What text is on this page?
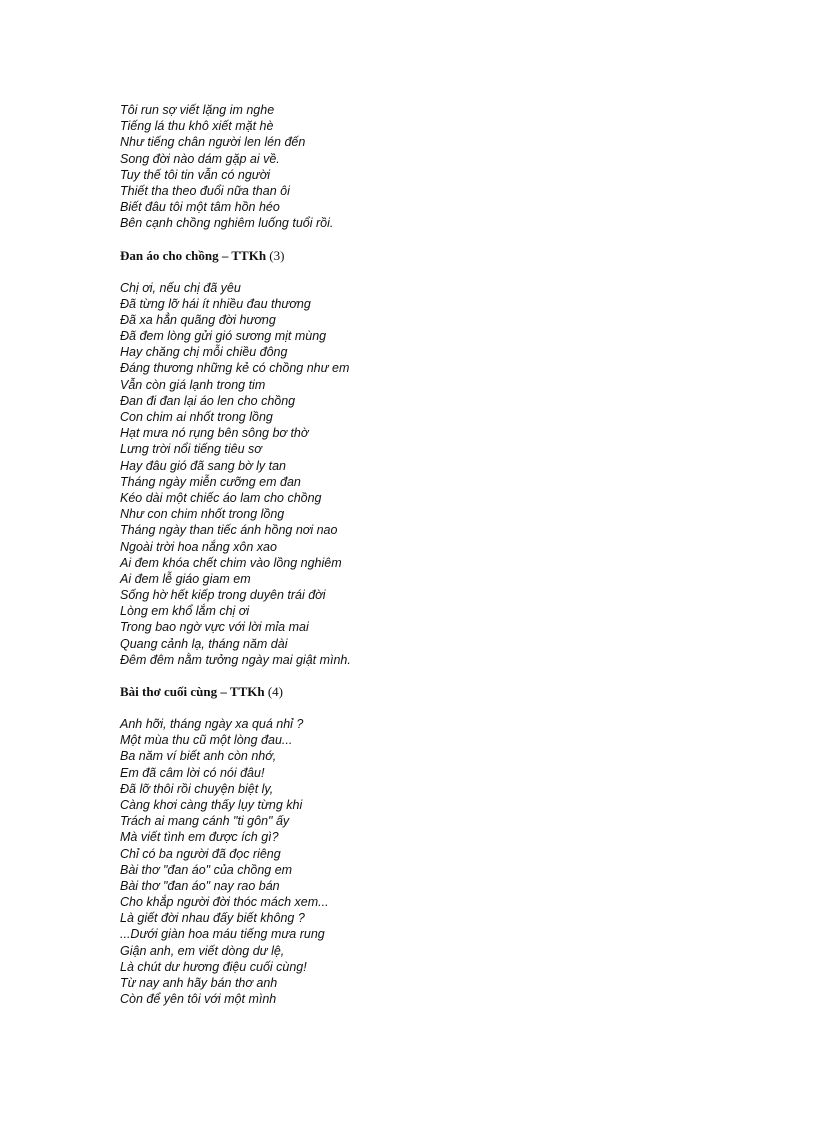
Tôi run sợ viết lặng im nghe
Tiếng lá thu khô xiết mặt hè
Như tiếng chân người len lén đến
Song đời nào dám gặp ai về.
Tuy thế tôi tin vẫn có người
Thiết tha theo đuổi nữa than ôi
Biết đâu tôi một tâm hồn héo
Bên cạnh chồng nghiêm luống tuổi rồi.
Đan áo cho chồng – TTKh (3)
Chị ơi, nếu chị đã yêu
Đã từng lỡ hái ít nhiều đau thương
Đã xa hẳn quãng đời hương
Đã đem lòng gửi gió sương mịt mùng
Hay chăng chị mỗi chiều đông
Đáng thương những kẻ có chồng như em
Vẫn còn giá lạnh trong tim
Đan đi đan lại áo len cho chồng
Con chim ai nhốt trong lồng
Hạt mưa nó rụng bên sông bơ thờ
Lưng trời nổi tiếng tiêu sơ
Hay đâu gió đã sang bờ ly tan
Tháng ngày miễn cưỡng em đan
Kéo dài một chiếc áo lam cho chồng
Như con chim nhốt trong lồng
Tháng ngày than tiếc ánh hồng nơi nao
Ngoài trời hoa nắng xôn xao
Ai đem khóa chết chim vào lồng nghiêm
Ai đem lễ giáo giam em
Sống hờ hết kiếp trong duyên trái đời
Lòng em khổ lắm chị ơi
Trong bao ngờ vực với lời mỉa mai
Quang cảnh lạ, tháng năm dài
Đêm đêm nằm tưởng ngày mai giật mình.
Bài thơ cuối cùng – TTKh (4)
Anh hỡi, tháng ngày xa quá nhỉ ?
Một mùa thu cũ một lòng đau...
Ba năm ví biết anh còn nhớ,
Em đã câm lời có nói đâu!
Đã lỡ thôi rồi chuyện biệt ly,
Càng khơi càng thấy lụy từng khi
Trách ai mang cánh "ti gôn" ấy
Mà viết tình em được ích gì?
Chỉ có ba người đã đọc riêng
Bài thơ "đan áo" của chồng em
Bài thơ "đan áo" nay rao bán
Cho khắp người đời thóc mách xem...
Là giết đời nhau đấy biết không ?
...Dưới giàn hoa máu tiếng mưa rung
Giận anh, em viết dòng dư lệ,
Là chút dư hương điệu cuối cùng!
Từ nay anh hãy bán thơ anh
Còn để yên tôi với một mình
